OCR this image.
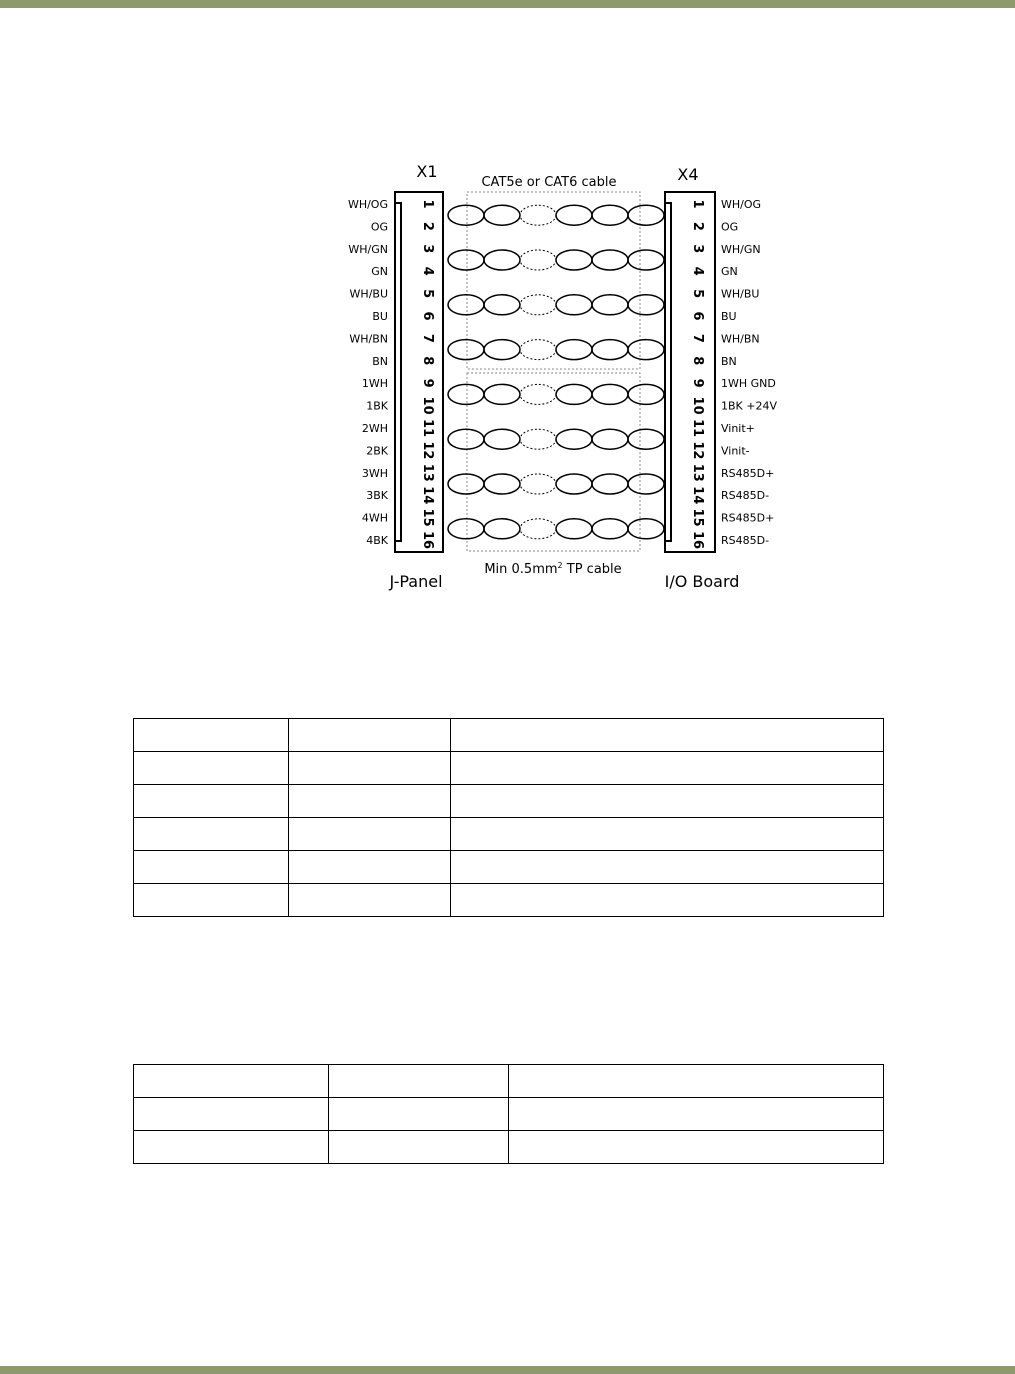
X1	X4
CAT5e or CAT6 cable
Min $0.5mm^2$ TP cable
J-Panel	I/O Board
1
2
3
4
5
6
7
8
9
10
11
12
13
14
15
16
1
2
3
4
5
6
7
8
9
10
11
12
13
14
15
16
WH/OG
OG
WH/GN
GN
WH/BU
BU
WH/BN
BN
1WH
1BK
2WH
2BK
3WH
3BK
4WH
4BK
WH/OG
OG
WH/GN
GN
WH/BU
BU
WH/BN
BN
1WH GND
1BK +24V
Vinit+
Vinit-
RS485D+
RS485D-
RS485D+
RS485D-
